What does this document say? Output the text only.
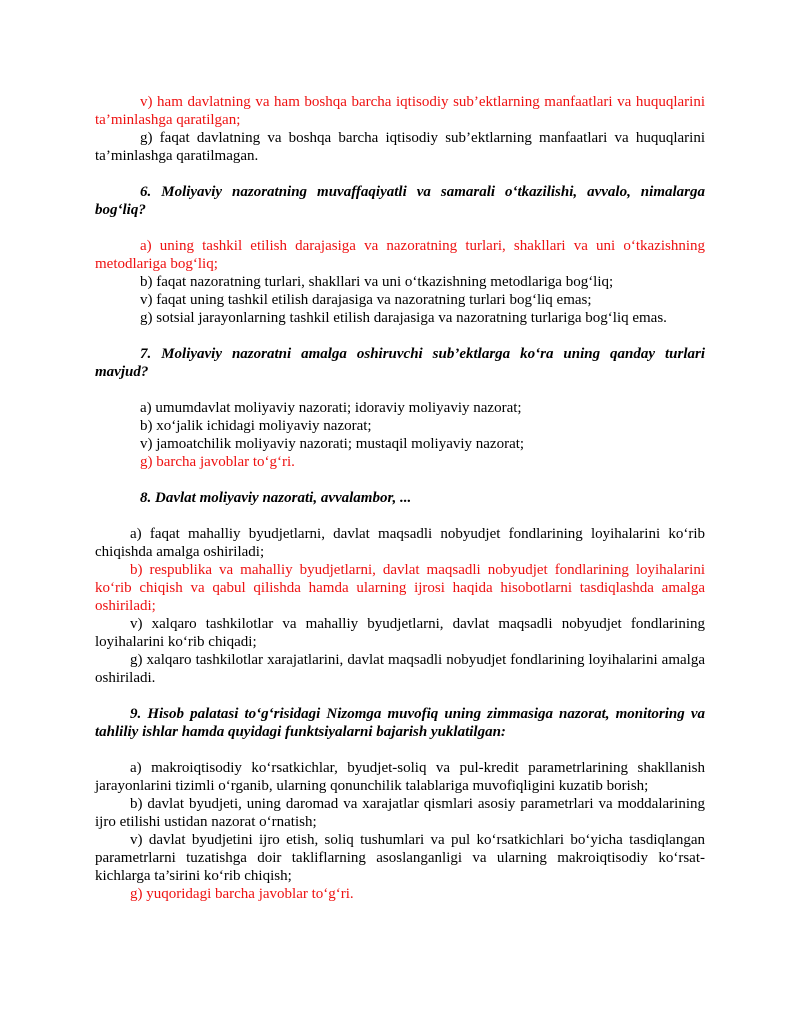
v) ham davlatning va ham boshqa barcha iqtisodiy sub’ektlarning manfaatlari va huquqlarini ta’minlashga qaratilgan;

g) faqat davlatning va boshqa barcha iqtisodiy sub’ektlarning manfaatlari va huquqlarini ta’minlashga qaratilmagan.

6. Moliyaviy nazoratning muvaffaqiyatli va samarali o‘tkazilishi, avvalo, nimalarga bog‘liq?

a) uning tashkil etilish darajasiga va nazoratning turlari, shakllari va uni o‘tkazishning metodlariga bog‘liq;

b) faqat nazoratning turlari, shakllari va uni o‘tkazishning metodlariga bog‘liq;

v) faqat uning tashkil etilish darajasiga va nazoratning turlari bog‘liq emas;

g) sotsial jarayonlarning tashkil etilish darajasiga va nazoratning turlariga bog‘liq emas.

7. Moliyaviy nazoratni amalga oshiruvchi sub’ektlarga ko‘ra uning qanday turlari mavjud?

a) umumdavlat moliyaviy nazorati; idoraviy moliyaviy nazorat;

b) xo‘jalik ichidagi moliyaviy nazorat;

v) jamoatchilik moliyaviy nazorati; mustaqil moliyaviy nazorat;

g) barcha javoblar to‘g‘ri.

8. Davlat moliyaviy nazorati, avvalambor, ...

a) faqat mahalliy byudjetlarni, davlat maqsadli nobyudjet fondlarining loyihalarini ko‘rib chiqishda amalga oshiriladi;

b) respublika va mahalliy byudjetlarni, davlat maqsadli nobyudjet fondlarining loyihalarini ko‘rib chiqish va qabul qilishda hamda ularning ijrosi haqida hisobotlarni tasdiqlashda amalga oshiriladi;

v) xalqaro tashkilotlar va mahalliy byudjetlarni, davlat maqsadli nobyudjet fondlarining loyihalarini ko‘rib chiqadi;

g) xalqaro tashkilotlar xarajatlarini, davlat maqsadli nobyudjet fondlarining loyihalarini amalga oshiriladi.

9. Hisob palatasi to‘g‘risidagi Nizomga muvofiq uning zimmasiga nazorat, monitoring va tahliliy ishlar hamda quyidagi funktsiyalarni bajarish yuklatilgan:

a) makroiqtisodiy ko‘rsatkichlar, byudjet-soliq va pul-kredit parametrlarining shakllanish jarayonlarini tizimli o‘rganib, ularning qonunchilik talablariga muvofiqligini kuzatib borish;

b) davlat byudjeti, uning daromad va xarajatlar qismlari asosiy parametrlari va moddalarining ijro etilishi ustidan nazorat o‘rnatish;

v) davlat byudjetini ijro etish, soliq tushumlari va pul ko‘rsatkichlari bo‘yicha tasdiqlangan parametrlarni tuzatishga doir takliflarning asoslanganligi va ularning makroiqtisodiy ko‘rsat-kichlarga ta’sirini ko‘rib chiqish;

g) yuqoridagi barcha javoblar to‘g‘ri.
